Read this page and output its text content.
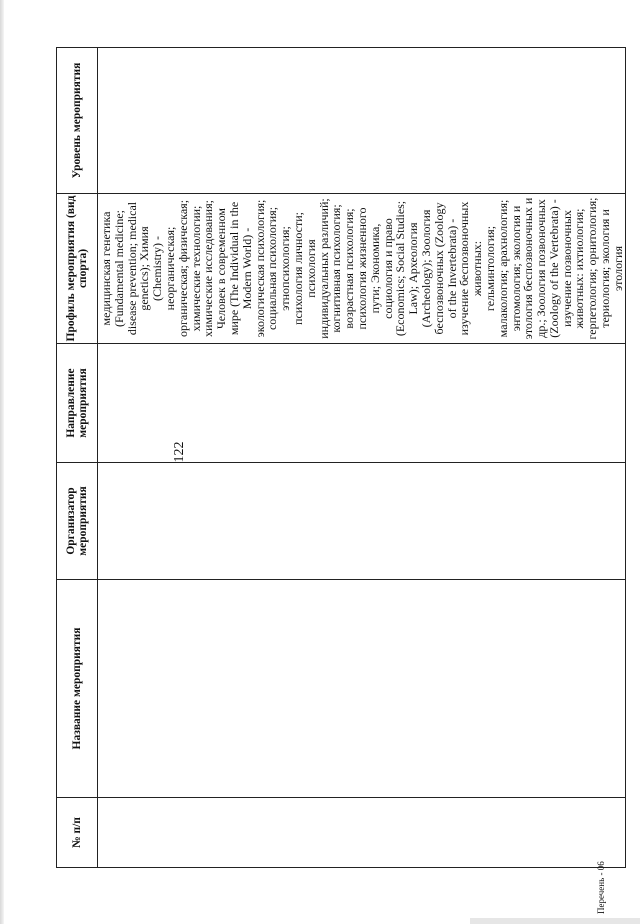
122
№ п/п	Название мероприятия	Организатор мероприятия	Направление мероприятия	Профиль мероприятия (вид спорта)	Уровень мероприятия

				медицинская генетика (Fundamental medicine; disease prevention; medical genetics); Химия (Chemistry) - неорганическая; органическая; физическая; химические технологии; химические исследования; Человек в современном мире (The Individual in the Modern World) - экологическая психология; социальная психология; этнопсихология; психология личности; психология индивидуальных различий; когнитивная психология; возрастная психология; психология жизненного пути; Экономика, социология и право (Economics; Social Studies; Law); Археология (Archeology); Зоология беспозвоночных (Zoology of the Invertebrata) - изучение беспозвоночных животных: гельминтология; малакология; арахнология; энтомология; экология и этология беспозвоночных и др.; Зоология позвоночных (Zoology of the Vertebrata) - изучение позвоночных животных: ихтиология; герпетология; орнитология; териология; экология и этология	

Перечень - 06
